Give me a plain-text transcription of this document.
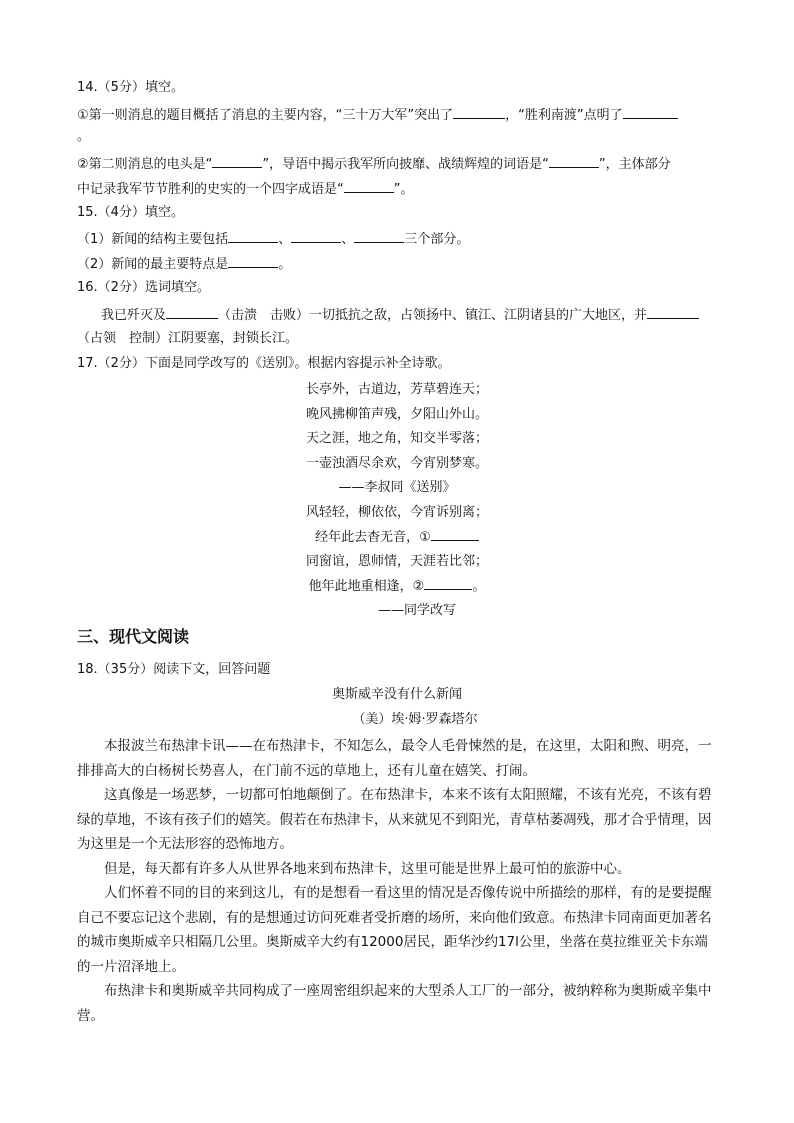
14.（5分）填空。
①第一则消息的题目概括了消息的主要内容，“三十万大军”突出了	，“胜利南渡”点明了
。
②第二则消息的电头是“	”，导语中揭示我军所向披靡、战绩辉煌的词语是“	”，主体部分
中记录我军节节胜利的史实的一个四字成语是“	”。
15.（4分）填空。
（1）新闻的结构主要包括	、	、	三个部分。
（2）新闻的最主要特点是	。
16.（2分）选词填空。
我已歼灭及	（击溃　击败）一切抵抗之敌，占领扬中、镇江、江阴诸县的广大地区，并
（占领　控制）江阴要塞，封锁长江。
17.（2分）下面是同学改写的《送别》。根据内容提示补全诗歌。
长亭外，古道边，芳草碧连天；
晚风拂柳笛声残，夕阳山外山。
天之涯，地之角，知交半零落；
一壶浊酒尽余欢，今宵别梦寒。
——李叔同《送别》
风轻轻，柳依依，今宵诉别离；
经年此去杳无音，①
同窗谊，恩师情，天涯若比邻；
他年此地重相逢，②	。
——同学改写
三、现代文阅读
18.（35分）阅读下文，回答问题
奥斯威辛没有什么新闻
（美）埃·姆·罗森塔尔

本报波兰布热津卡讯——在布热津卡，不知怎么，最令人毛骨悚然的是，在这里，太阳和煦、明亮，一排排高大的白杨树长势喜人，在门前不远的草地上，还有儿童在嬉笑、打闹。

这真像是一场恶梦，一切都可怕地颠倒了。在布热津卡，本来不该有太阳照耀，不该有光亮，不该有碧绿的草地，不该有孩子们的嬉笑。假若在布热津卡，从来就见不到阳光，青草枯萎凋残，那才合乎情理，因为这里是一个无法形容的恐怖地方。

但是，每天都有许多人从世界各地来到布热津卡，这里可能是世界上最可怕的旅游中心。

人们怀着不同的目的来到这儿，有的是想看一看这里的情况是否像传说中所描绘的那样，有的是要提醒自己不要忘记这个悲剧，有的是想通过访问死难者受折磨的场所，来向他们致意。布热津卡同南面更加著名的城市奥斯威辛只相隔几公里。奥斯威辛大约有12000居民，距华沙约17l公里，坐落在莫拉维亚关卡东端的一片沼泽地上。

布热津卡和奥斯威辛共同构成了一座周密组织起来的大型杀人工厂的一部分，被纳粹称为奥斯威辛集中营。
